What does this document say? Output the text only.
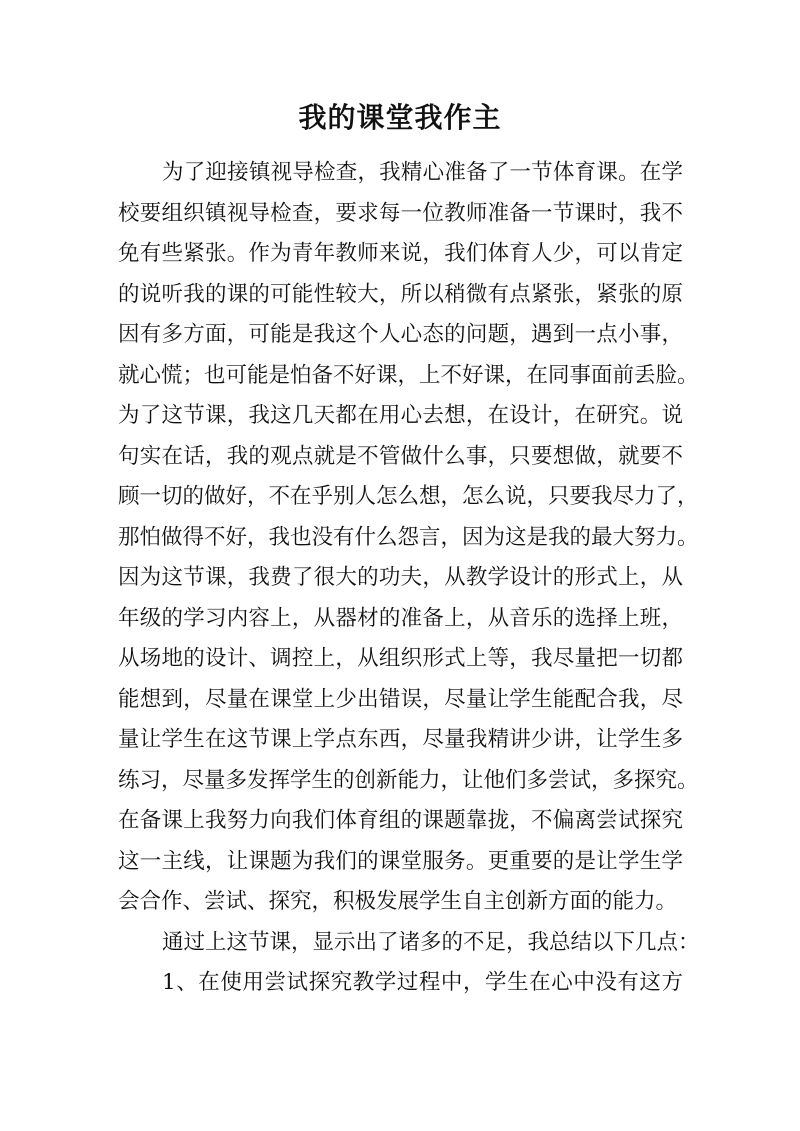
我的课堂我作主
为了迎接镇视导检查，我精心准备了一节体育课。在学
校要组织镇视导检查，要求每一位教师准备一节课时，我不
免有些紧张。作为青年教师来说，我们体育人少，可以肯定
的说听我的课的可能性较大，所以稍微有点紧张，紧张的原
因有多方面，可能是我这个人心态的问题，遇到一点小事，
就心慌；也可能是怕备不好课，上不好课，在同事面前丢脸。
为了这节课，我这几天都在用心去想，在设计，在研究。说
句实在话，我的观点就是不管做什么事，只要想做，就要不
顾一切的做好，不在乎别人怎么想，怎么说，只要我尽力了，
那怕做得不好，我也没有什么怨言，因为这是我的最大努力。
因为这节课，我费了很大的功夫，从教学设计的形式上，从
年级的学习内容上，从器材的准备上，从音乐的选择上班，
从场地的设计、调控上，从组织形式上等，我尽量把一切都
能想到，尽量在课堂上少出错误，尽量让学生能配合我，尽
量让学生在这节课上学点东西，尽量我精讲少讲，让学生多
练习，尽量多发挥学生的创新能力，让他们多尝试，多探究。
在备课上我努力向我们体育组的课题靠拢，不偏离尝试探究
这一主线，让课题为我们的课堂服务。更重要的是让学生学
会合作、尝试、探究，积极发展学生自主创新方面的能力。
通过上这节课，显示出了诸多的不足，我总结以下几点：
1、在使用尝试探究教学过程中，学生在心中没有这方
